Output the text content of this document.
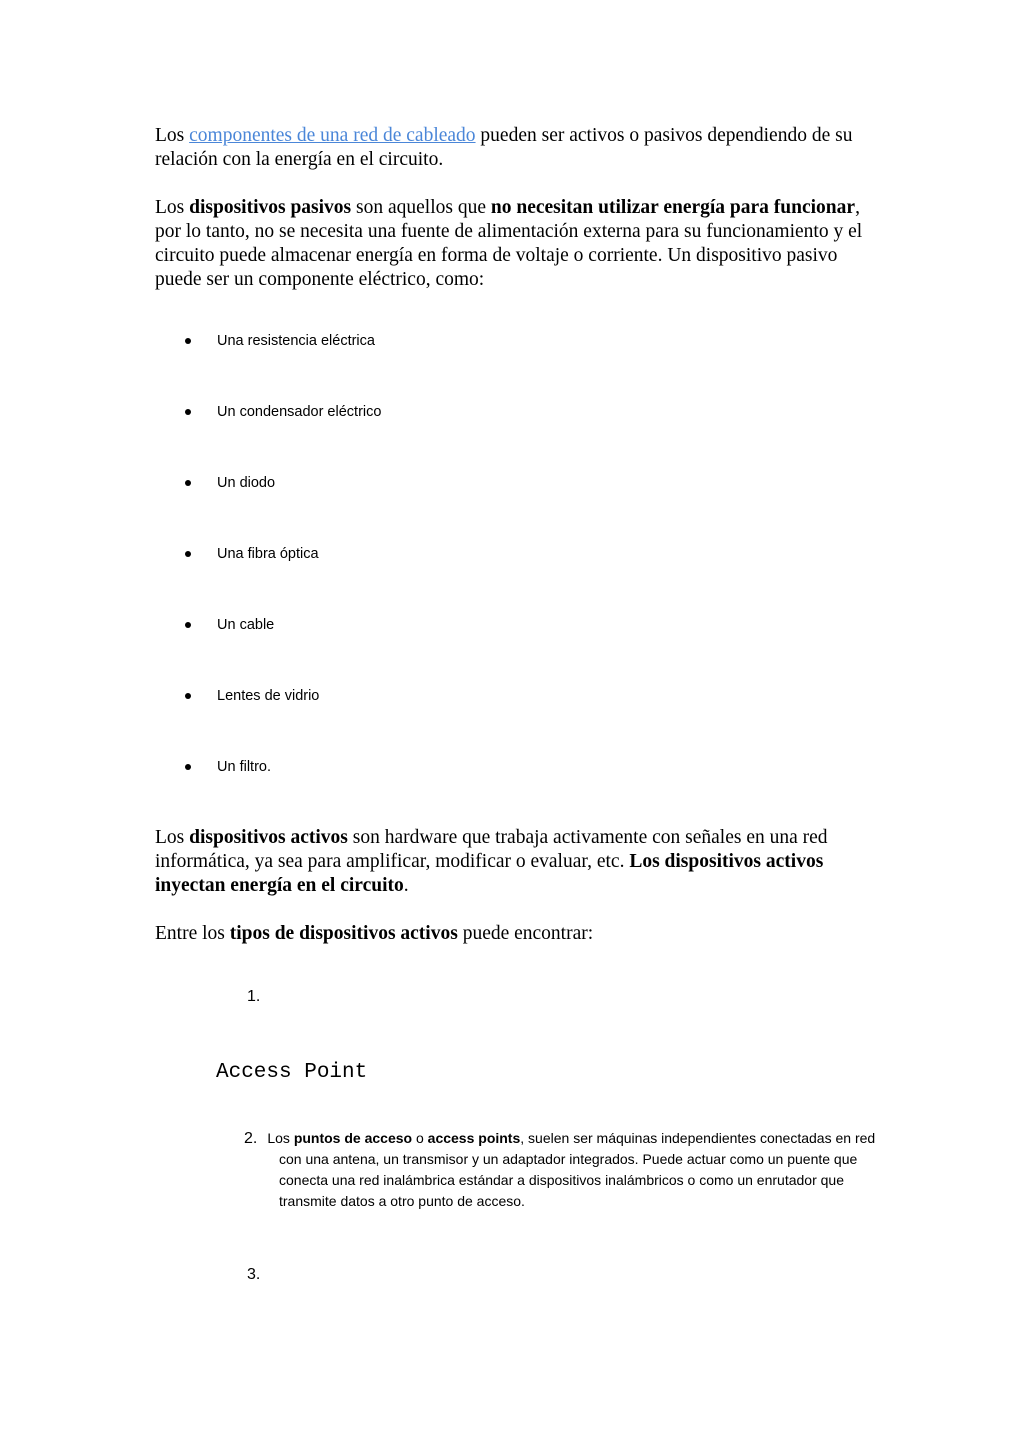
Los componentes de una red de cableado pueden ser activos o pasivos dependiendo de su relación con la energía en el circuito.

Los dispositivos pasivos son aquellos que no necesitan utilizar energía para funcionar, por lo tanto, no se necesita una fuente de alimentación externa para su funcionamiento y el circuito puede almacenar energía en forma de voltaje o corriente. Un dispositivo pasivo puede ser un componente eléctrico, como:

Una resistencia eléctrica
Un condensador eléctrico
Un diodo
Una fibra óptica
Un cable
Lentes de vidrio
Un filtro.

Los dispositivos activos son hardware que trabaja activamente con señales en una red informática, ya sea para amplificar, modificar o evaluar, etc. Los dispositivos activos inyectan energía en el circuito.

Entre los tipos de dispositivos activos puede encontrar:

1.
Access Point
2. Los puntos de acceso o access points, suelen ser máquinas independientes conectadas en red con una antena, un transmisor y un adaptador integrados. Puede actuar como un puente que conecta una red inalámbrica estándar a dispositivos inalámbricos o como un enrutador que transmite datos a otro punto de acceso.
3.
